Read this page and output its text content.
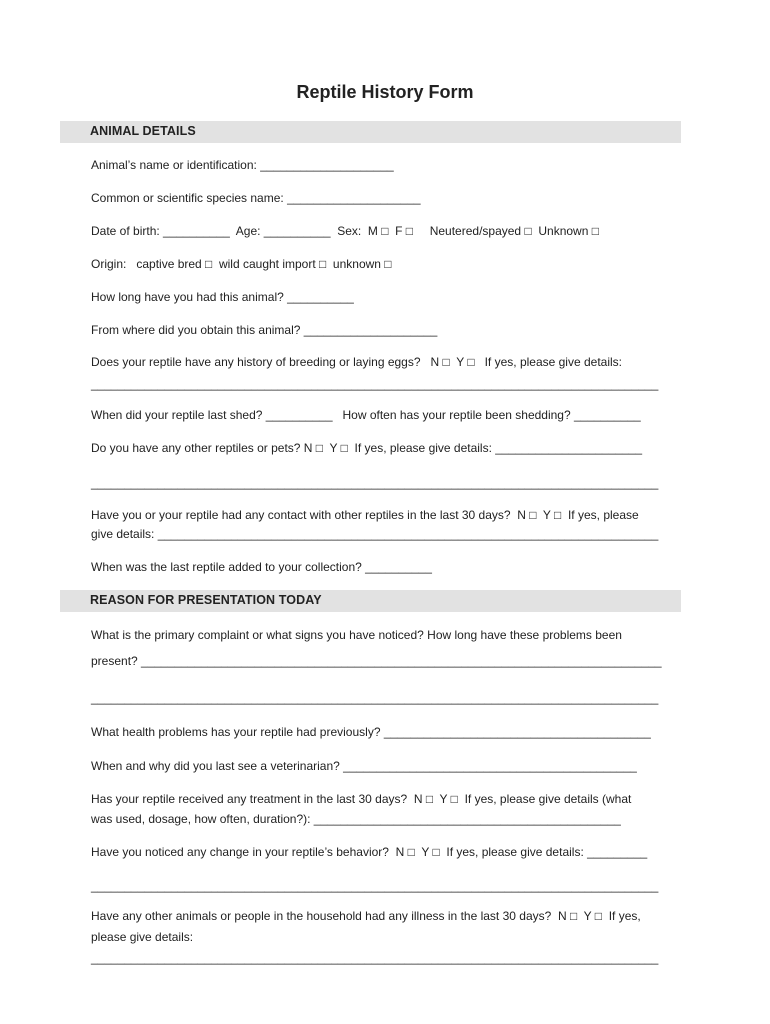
Reptile History Form
ANIMAL DETAILS
Animal’s name or identification: ____________________
Common or scientific species name: ____________________
Date of birth: __________  Age: __________  Sex:  M □  F □     Neutered/spayed □  Unknown □
Origin:   captive bred □  wild caught import □  unknown □
How long have you had this animal? __________
From where did you obtain this animal? ____________________
Does your reptile have any history of breeding or laying eggs?   N □  Y □   If yes, please give details:
_____________________________________________________________________________________
When did your reptile last shed? __________   How often has your reptile been shedding? __________
Do you have any other reptiles or pets? N □  Y □  If yes, please give details: ______________________
_____________________________________________________________________________________
Have you or your reptile had any contact with other reptiles in the last 30 days?  N □  Y □  If yes, please
give details: ___________________________________________________________________________
When was the last reptile added to your collection? __________
REASON FOR PRESENTATION TODAY
What is the primary complaint or what signs you have noticed? How long have these problems been
present? ______________________________________________________________________________
_____________________________________________________________________________________
What health problems has your reptile had previously? ________________________________________
When and why did you last see a veterinarian? ____________________________________________
Has your reptile received any treatment in the last 30 days?  N □  Y □  If yes, please give details (what
was used, dosage, how often, duration?): ______________________________________________
Have you noticed any change in your reptile’s behavior?  N □  Y □  If yes, please give details: _________
_____________________________________________________________________________________
Have any other animals or people in the household had any illness in the last 30 days?  N □  Y □  If yes,
please give details:
_____________________________________________________________________________________
